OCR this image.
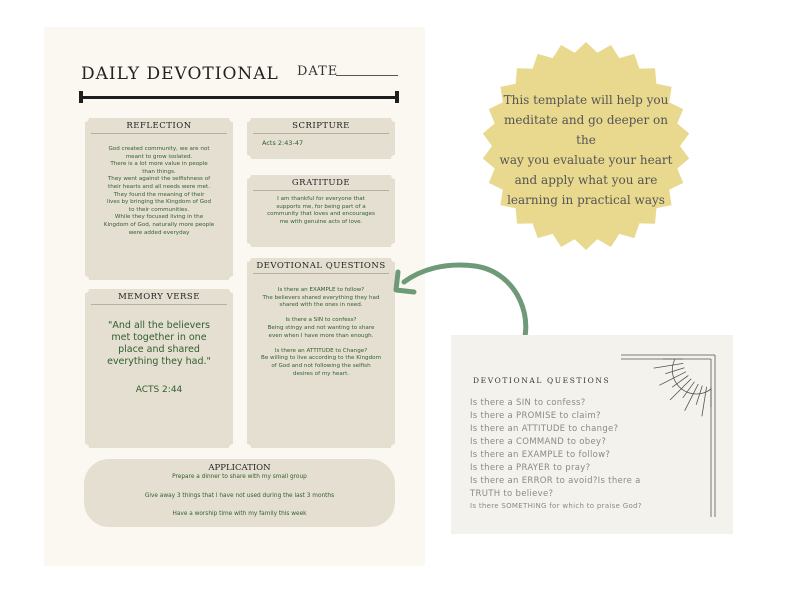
DAILY DEVOTIONAL DATE
REFLECTION
God created community, we are not
meant to grow isolated.
There is a lot more value in people
than things.
They went against the selfishness of
their hearts and all needs were met.
They found the meaning of their
lives by bringing the Kingdom of God
to their communities.
While they focused living in the
Kingdom of God, naturally more people
were added everyday
SCRIPTURE
Acts 2:43-47
GRATITUDE
I am thankful for everyone that
supports me, for being part of a
community that loves and encourages
me with genuine acts of love.
DEVOTIONAL QUESTIONS
Is there an EXAMPLE to follow?
The believers shared everything they had
shared with the ones in need.
Is there a SIN to confess?
Being stingy and not wanting to share
even when I have more than enough.
Is there an ATTITUDE to Change?
Be willing to live according to the Kingdom
of God and not following the selfish
desires of my heart.
MEMORY VERSE
"And all the believers
met together in one
place and shared
everything they had."
ACTS 2:44
APPLICATION
Prepare a dinner to share with my small group
Give away 3 things that I have not used during the last 3 months
Have a worship time with my family this week
This template will help you
meditate and go deeper on the
way you evaluate your heart
and apply what you are
learning in practical ways
DEVOTIONAL QUESTIONS
Is there a SIN to confess?
Is there a PROMISE to claim?
Is there an ATTITUDE to change?
Is there a COMMAND to obey?
Is there an EXAMPLE to follow?
Is there a PRAYER to pray?
Is there an ERROR to avoid?Is there a
TRUTH to believe?
Is there SOMETHING for which to praise God?
